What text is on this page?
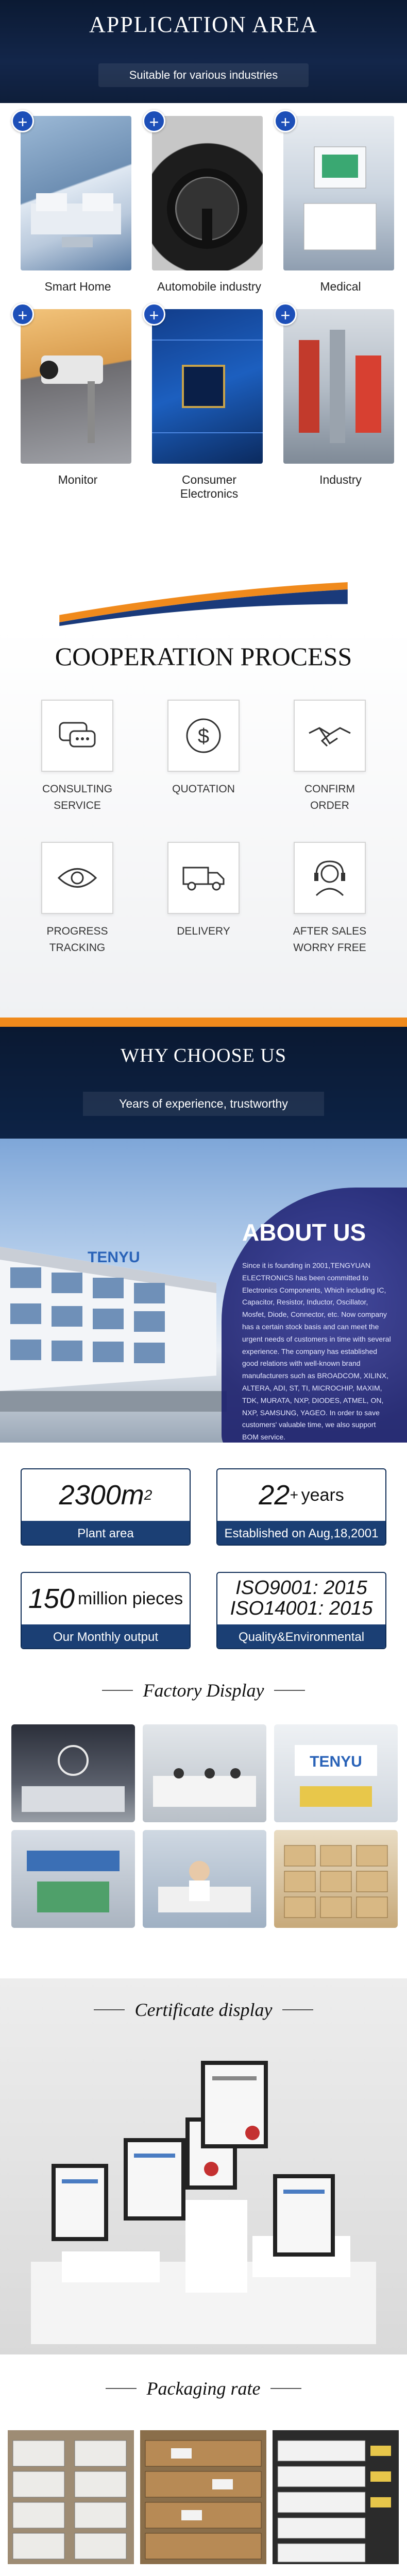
APPLICATION AREA
Suitable for various industries
+
Smart Home
+
Automobile industry
+
Medical
+
Monitor
+
Consumer Electronics
+
Industry
COOPERATION PROCESS
CONSULTING
SERVICE
$
QUOTATION	CONFIRM
ORDER
PROGRESS
TRACKING
DELIVERY	AFTER SALES
WORRY FREE
WHY CHOOSE US
Years of experience, trustworthy
TENYU
ABOUT US

Since it is founding in 2001,TENGYUAN ELECTRONICS has been committed to Electronics Components, Which including IC, Capacitor, Resistor, Inductor, Oscillator, Mosfet, Diode, Connector, etc. Now company has a certain stock basis and can meet the urgent needs of customers in time with several experience. The company has established good relations with well-known brand manufacturers such as BROADCOM, XILINX, ALTERA, ADI, ST, TI, MICROCHIP, MAXIM, TDK, MURATA, NXP, DIODES, ATMEL, ON, NXP, SAMSUNG, YAGEO. In order to save customers' valuable time, we also support BOM service.

2300m 2
Plant area
22 + years
Established on Aug,18,2001
150 million pieces
Our Monthly output
ISO9001: 2015
ISO14001: 2015
Quality&Environmental
Factory Display
TENYU
Certificate display
Packaging rate
